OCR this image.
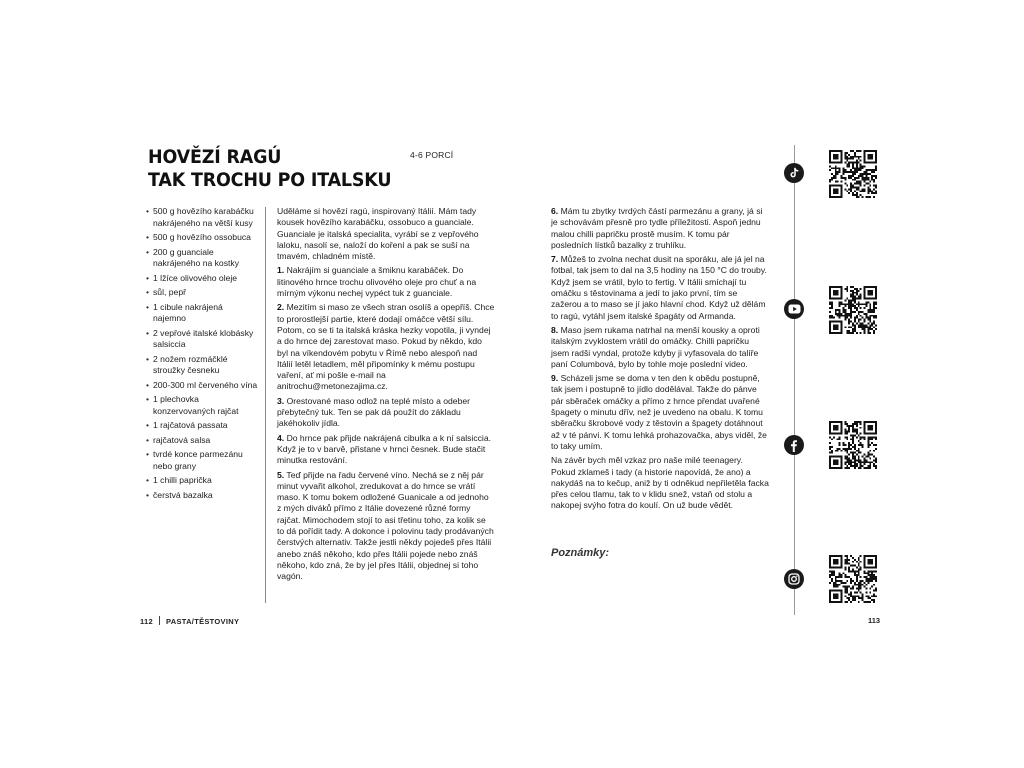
HOVĚZÍ RAGÚ
TAK TROCHU PO ITALSKU
4-6 PORCÍ
• 500 g hovězího karabáčku nakrájeného na větší kusy
• 500 g hovězího ossobuca
• 200 g guanciale nakrájeného na kostky
• 1 lžíce olivového oleje
• sůl, pepř
• 1 cibule nakrájená najemno
• 2 vepřové italské klobásky salsiccia
• 2 nožem rozmáčklé stroužky česneku
• 200-300 ml červeného vína
• 1 plechovka konzervovaných rajčat
• 1 rajčatová passata
• rajčatová salsa
• tvrdé konce parmezánu nebo grany
• 1 chilli paprička
• čerstvá bazalka

Uděláme si hovězí ragú, inspirovaný Itálií. Mám tady kousek hovězího karabáčku, ossobuco a guanciale. Guanciale je italská specialita, vyrábí se z vepřového laloku, nasolí se, naloží do koření a pak se suší na tmavém, chladném místě.

1. Nakrájím si guanciale a šmiknu karabáček. Do litinového hrnce trochu olivového oleje pro chuť a na mírným výkonu nechej vypéct tuk z guanciale.

2. Mezitím si maso ze všech stran osolíš a opepříš. Chce to prorostlejší partie, které dodají omáčce větší sílu. Potom, co se ti ta italská kráska hezky vopotila, ji vyndej a do hrnce dej zarestovat maso. Pokud by někdo, kdo byl na víkendovém pobytu v Římě nebo alespoň nad Itálií letěl letadlem, měl připomínky k mému postupu vaření, ať mi pošle e-mail na anitrochu@metonezajima.cz.

3. Orestované maso odlož na teplé místo a odeber přebytečný tuk. Ten se pak dá použít do základu jakéhokoliv jídla.

4. Do hrnce pak přijde nakrájená cibulka a k ní salsiccia. Když je to v barvě, přistane v hrnci česnek. Bude stačit minutka restování.

5. Teď přijde na řadu červené víno. Nechá se z něj pár minut vyvařit alkohol, zredukovat a do hrnce se vrátí maso. K tomu bokem odložené Guanicale a od jednoho z mých diváků přímo z Itálie dovezené různé formy rajčat. Mimochodem stojí to asi třetinu toho, za kolik se to dá pořídit tady. A dokonce i polovinu tady prodávaných čerstvých alternativ. Takže jestli někdy pojedeš přes Itálii anebo znáš někoho, kdo přes Itálii pojede nebo znáš někoho, kdo zná, že by jel přes Itálii, objednej si toho vagón.

112 PASTA/TĚSTOVINY

6. Mám tu zbytky tvrdých částí parmezánu a grany, já si je schovávám přesně pro tydle příležitosti. Aspoň jednu malou chilli papričku prostě musím. K tomu pár posledních lístků bazalky z truhlíku.

7. Můžeš to zvolna nechat dusit na sporáku, ale já jel na fotbal, tak jsem to dal na 3,5 hodiny na 150 °C do trouby. Když jsem se vrátil, bylo to fertig. V Itálii smíchají tu omáčku s těstovinama a jedí to jako první, tím se zažerou a to maso se jí jako hlavní chod. Když už dělám to ragú, vytáhl jsem italské špagáty od Armanda.

8. Maso jsem rukama natrhal na menší kousky a oproti italským zvyklostem vrátil do omáčky. Chilli papričku jsem radši vyndal, protože kdyby ji vyfasovala do talíře paní Columbová, bylo by tohle moje poslední video.

9. Scházeli jsme se doma v ten den k obědu postupně, tak jsem i postupně to jídlo dodělával. Takže do pánve pár sběraček omáčky a přímo z hrnce přendat uvařené špagety o minutu dřív, než je uvedeno na obalu. K tomu sběračku škrobové vody z těstovin a špagety dotáhnout až v té pánvi. K tomu lehká prohazovačka, abys viděl, že to taky umím.

Na závěr bych měl vzkaz pro naše milé teenagery. Pokud zklameš i tady (a historie napovídá, že ano) a nakydáš na to kečup, aniž by ti odněkud nepřiletěla facka přes celou tlamu, tak to v klidu snež, vstaň od stolu a nakopej svýho fotra do koulí. On už bude vědět.

Poznámky:
113
